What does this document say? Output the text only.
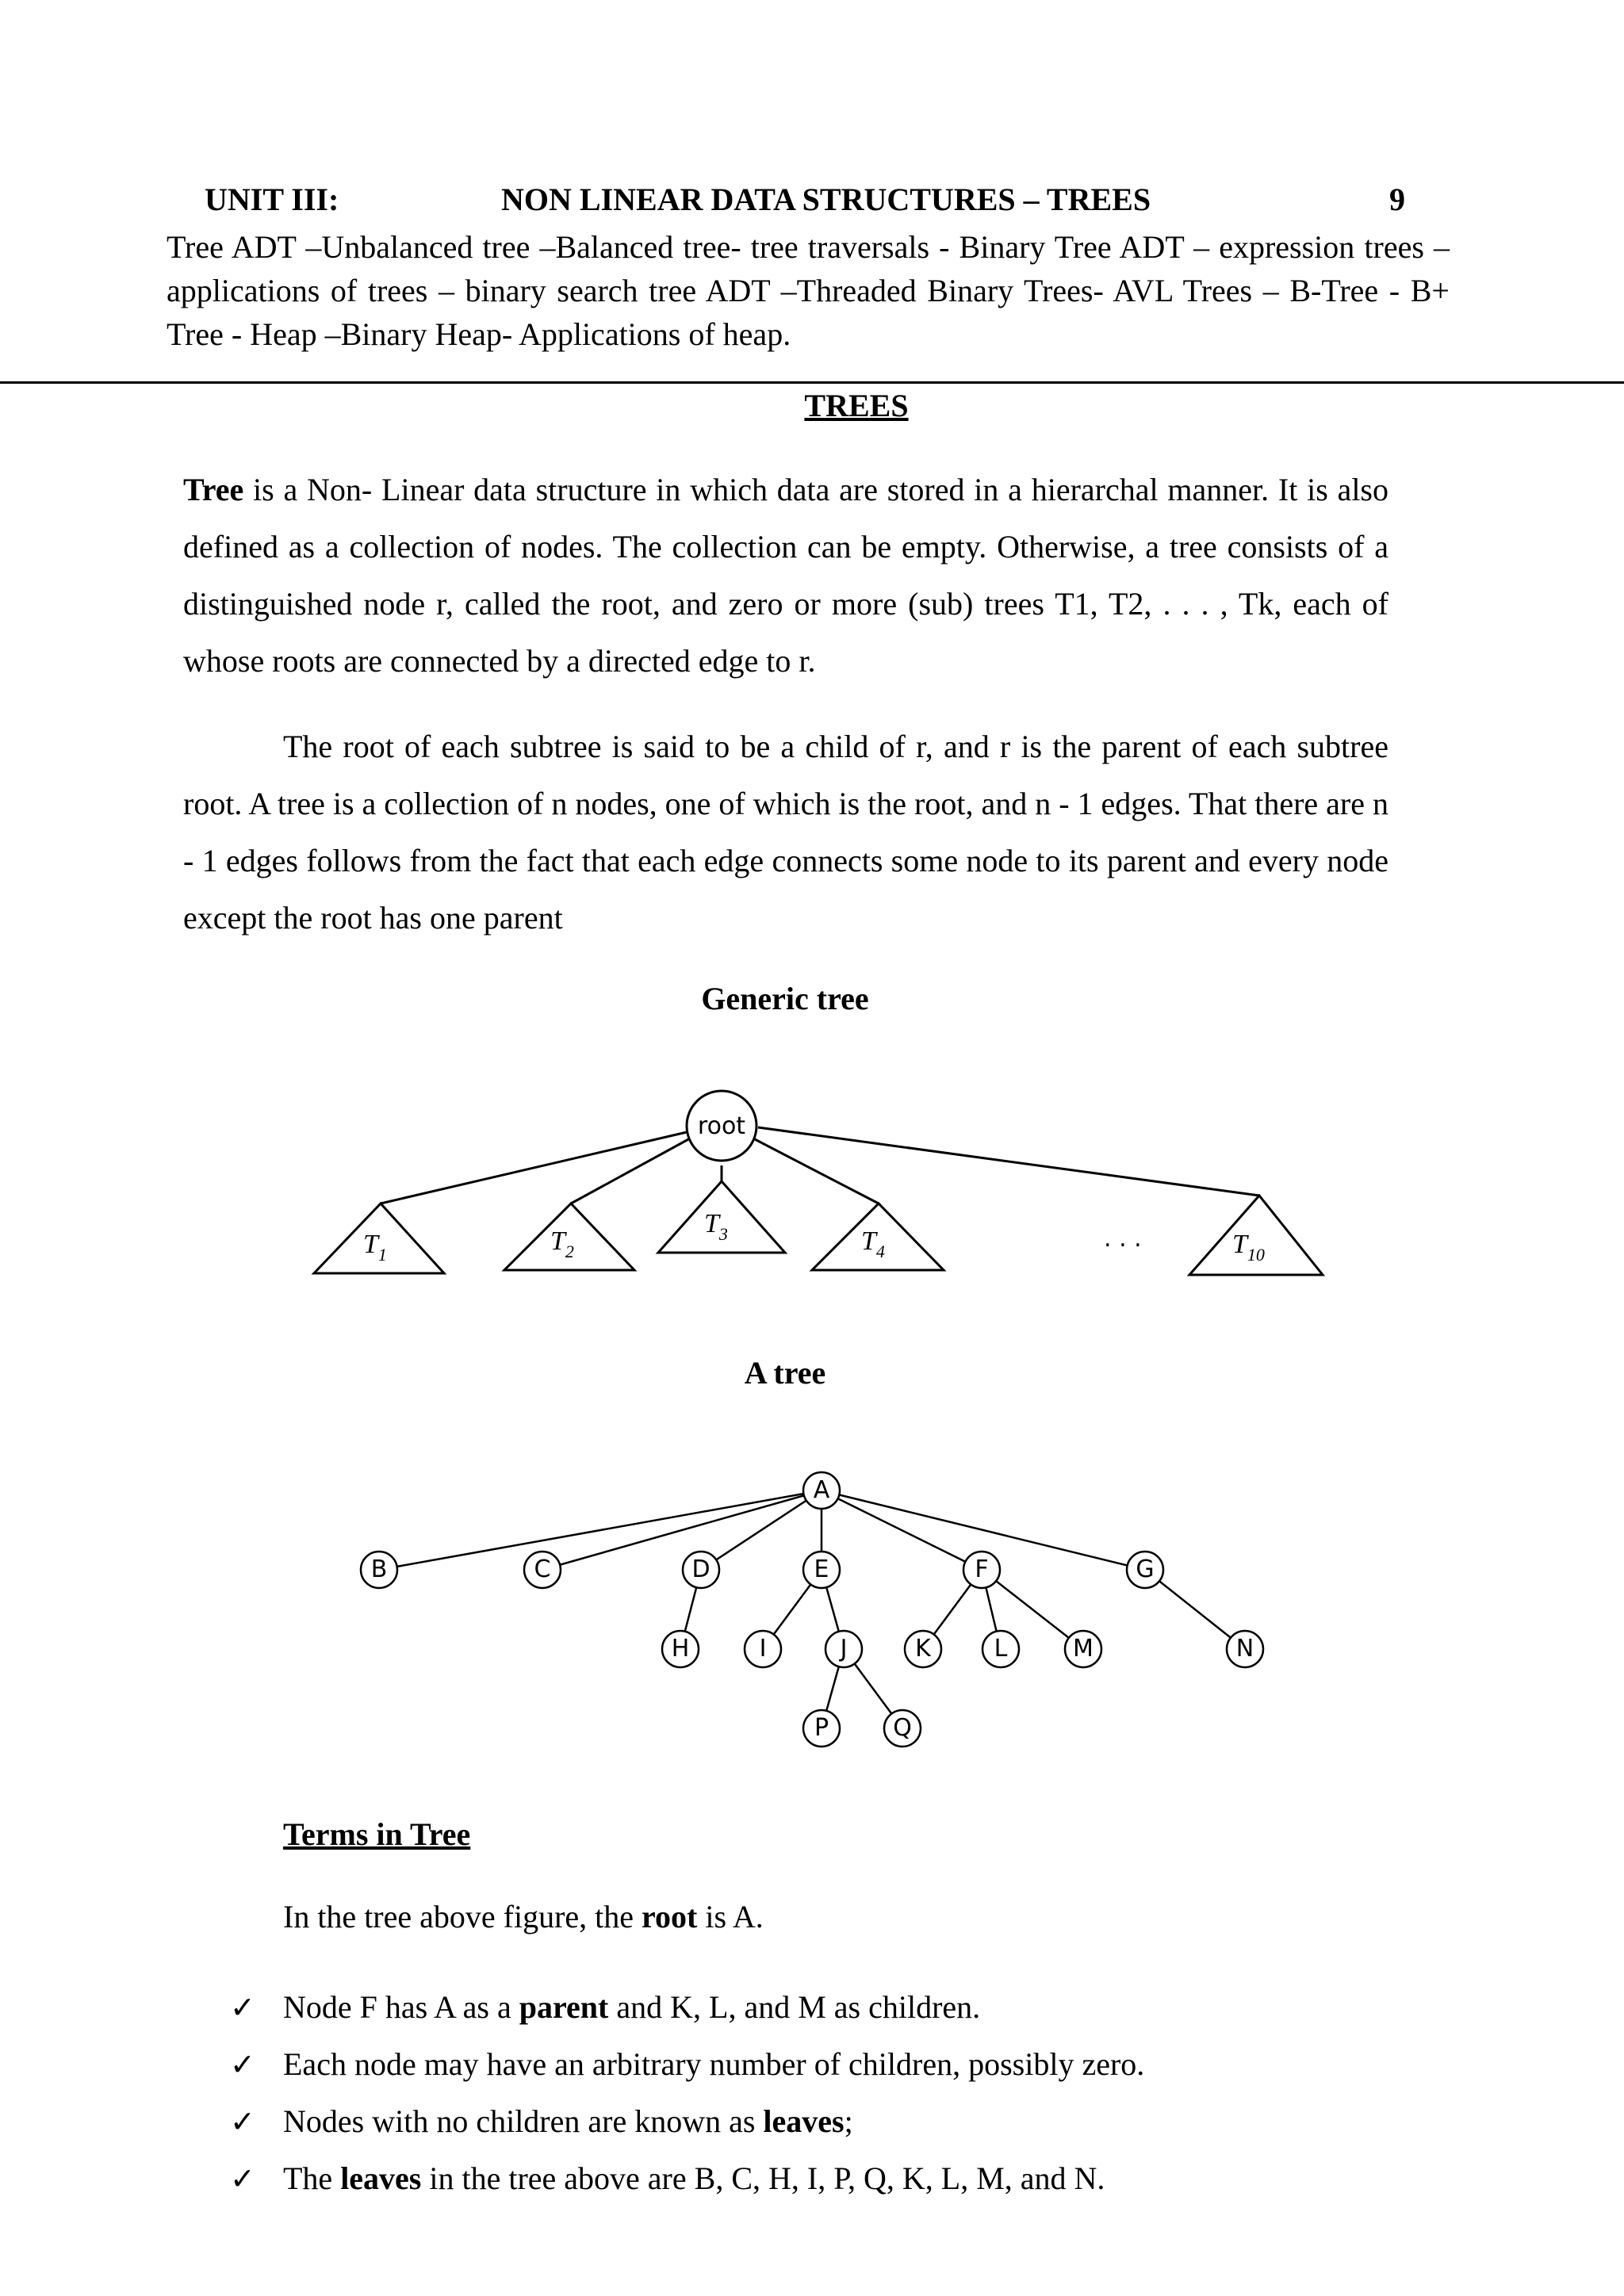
UNIT III:	NON LINEAR DATA STRUCTURES – TREES	9
Tree ADT –Unbalanced tree –Balanced tree- tree traversals - Binary Tree ADT – expression trees – applications of trees – binary search tree ADT –Threaded Binary Trees- AVL Trees – B-Tree - B+ Tree - Heap –Binary Heap- Applications of heap.
TREES
Tree is a Non- Linear data structure in which data are stored in a hierarchal manner. It is also defined as a collection of nodes. The collection can be empty. Otherwise, a tree consists of a distinguished node r, called the root, and zero or more (sub) trees T1, T2, . . . , Tk, each of whose roots are connected by a directed edge to r.
The root of each subtree is said to be a child of r, and r is the parent of each subtree root. A tree is a collection of n nodes, one of which is the root, and n - 1 edges. That there are n - 1 edges follows from the fact that each edge connects some node to its parent and every node except the root has one parent
Generic tree
root
$T_1$	$T_2$
$T_3$	$T_4$	$T_{10}$
. . .
A tree
A
B	C	D	E	F	G
H	I	J	K	L	M	N
P	Q
Terms in Tree
In the tree above figure, the root is A.
✓ Node F has A as a parent and K, L, and M as children.
✓ Each node may have an arbitrary number of children, possibly zero.
✓ Nodes with no children are known as leaves;
✓ The leaves in the tree above are B, C, H, I, P, Q, K, L, M, and N.
